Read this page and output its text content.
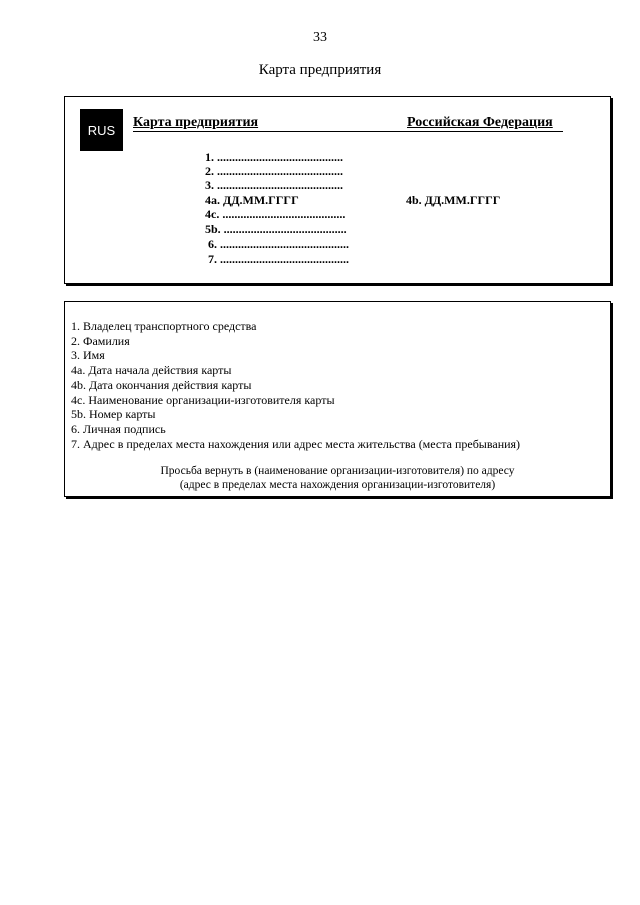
33
Карта предприятия
RUS	Карта предприятия	Российская Федерация
1. ..........................................
2. ..........................................
3. ..........................................
4a. ДД.ММ.ГГГГ	4b. ДД.ММ.ГГГГ
4c. .........................................
5b. .........................................
6. ...........................................
7. ...........................................
1. Владелец транспортного средства
2. Фамилия
3. Имя
4a. Дата начала действия карты
4b. Дата окончания действия карты
4c. Наименование организации-изготовителя карты
5b. Номер карты
6. Личная подпись
7. Адрес в пределах места нахождения или адрес места жительства (места пребывания)
Просьба вернуть в (наименование организации-изготовителя) по адресу
(адрес в пределах места нахождения организации-изготовителя)
